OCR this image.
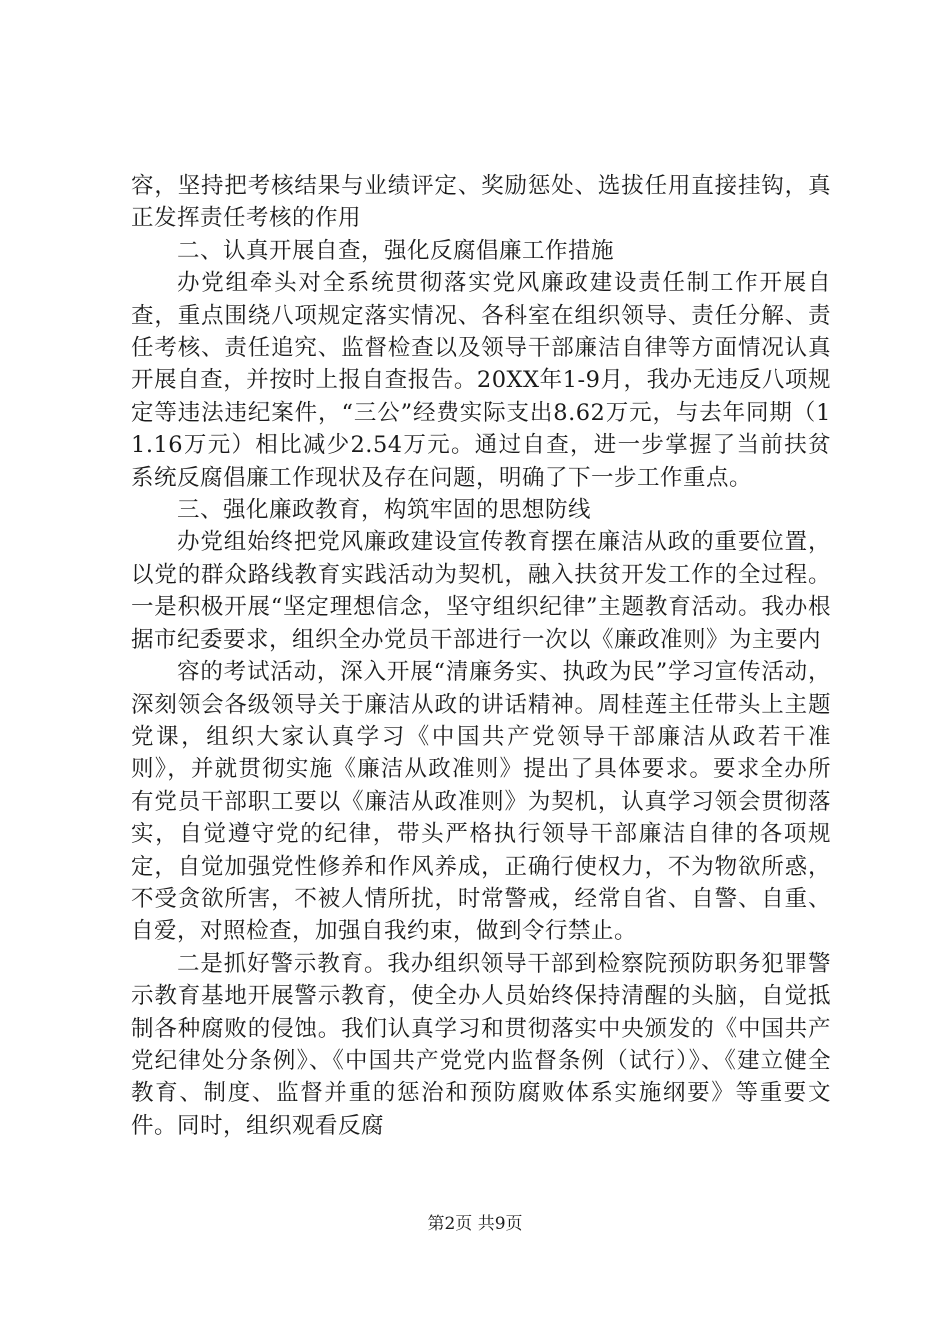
容，坚持把考核结果与业绩评定、奖励惩处、选拔任用直接挂钩，真正发挥责任考核的作用

二、认真开展自查，强化反腐倡廉工作措施

办党组牵头对全系统贯彻落实党风廉政建设责任制工作开展自查，重点围绕八项规定落实情况、各科室在组织领导、责任分解、责任考核、责任追究、监督检查以及领导干部廉洁自律等方面情况认真开展自查，并按时上报自查报告。20XX年1-9月，我办无违反八项规定等违法违纪案件，“三公”经费实际支出8.62万元，与去年同期（11.16万元）相比减少2.54万元。通过自查，进一步掌握了当前扶贫系统反腐倡廉工作现状及存在问题，明确了下一步工作重点。

三、强化廉政教育，构筑牢固的思想防线

办党组始终把党风廉政建设宣传教育摆在廉洁从政的重要位置，以党的群众路线教育实践活动为契机，融入扶贫开发工作的全过程。一是积极开展“坚定理想信念，坚守组织纪律”主题教育活动。我办根据市纪委要求，组织全办党员干部进行一次以《廉政准则》为主要内

容的考试活动，深入开展“清廉务实、执政为民”学习宣传活动，深刻领会各级领导关于廉洁从政的讲话精神。周桂莲主任带头上主题党课，组织大家认真学习《中国共产党领导干部廉洁从政若干准则》，并就贯彻实施《廉洁从政准则》提出了具体要求。要求全办所有党员干部职工要以《廉洁从政准则》为契机，认真学习领会贯彻落实，自觉遵守党的纪律，带头严格执行领导干部廉洁自律的各项规定，自觉加强党性修养和作风养成，正确行使权力，不为物欲所惑，不受贪欲所害，不被人情所扰，时常警戒，经常自省、自警、自重、自爱，对照检查，加强自我约束，做到令行禁止。

二是抓好警示教育。我办组织领导干部到检察院预防职务犯罪警示教育基地开展警示教育，使全办人员始终保持清醒的头脑，自觉抵制各种腐败的侵蚀。我们认真学习和贯彻落实中央颁发的《中国共产党纪律处分条例》、《中国共产党党内监督条例（试行）》、《建立健全教育、制度、监督并重的惩治和预防腐败体系实施纲要》等重要文件。同时，组织观看反腐

第2页 共9页
